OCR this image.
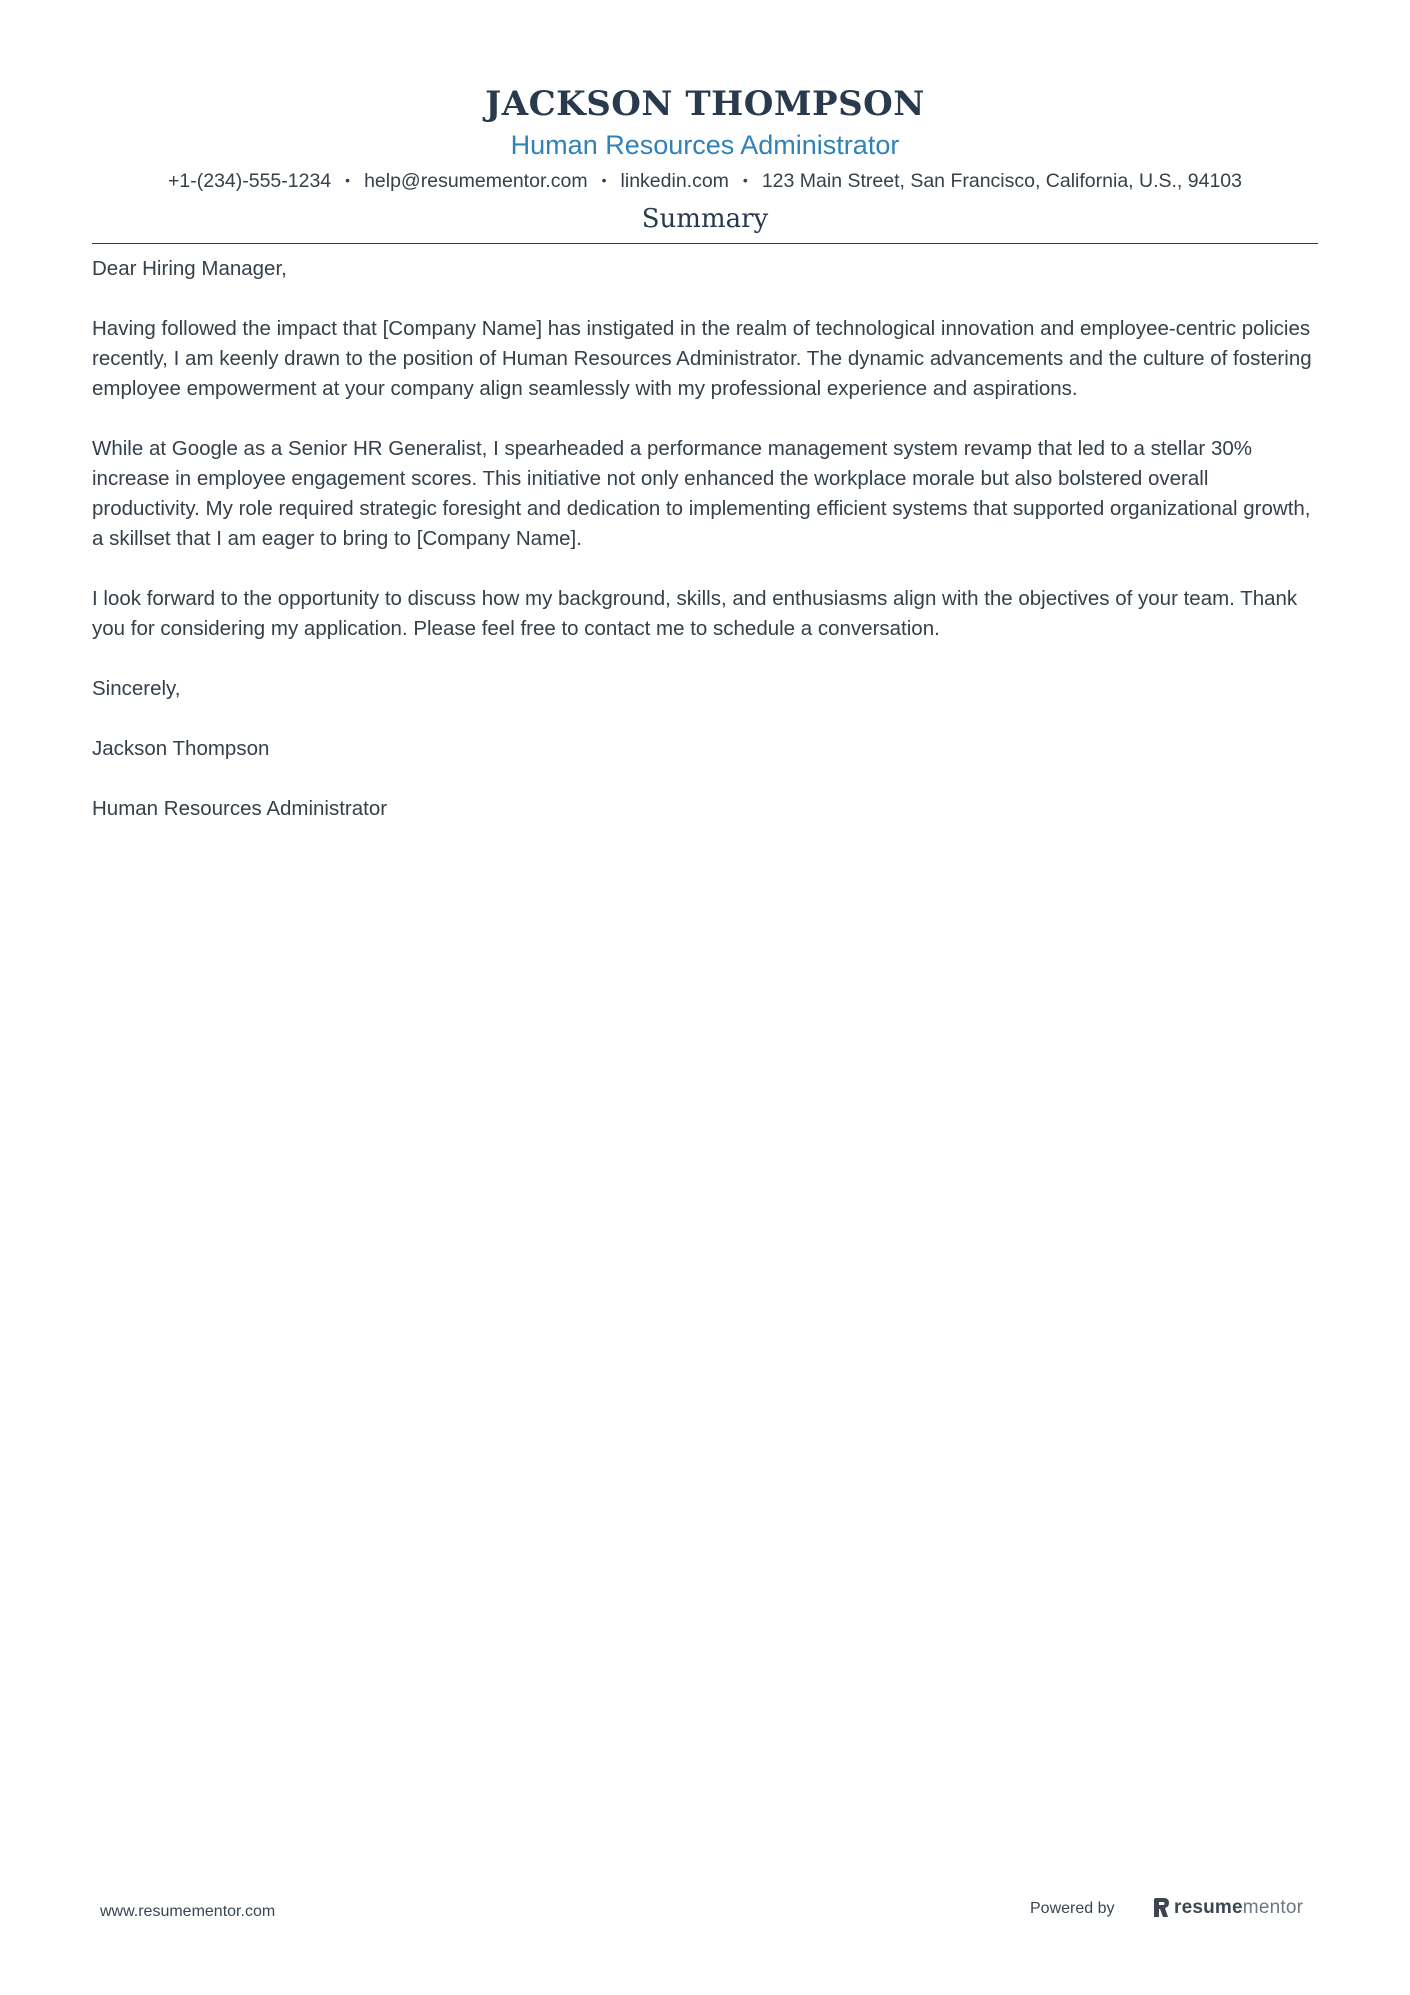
JACKSON THOMPSON
Human Resources Administrator
+1-(234)-555-1234 • help@resumementor.com • linkedin.com • 123 Main Street, San Francisco, California, U.S., 94103
Summary

Dear Hiring Manager,

Having followed the impact that [Company Name] has instigated in the realm of technological innovation and employee-centric policies recently, I am keenly drawn to the position of Human Resources Administrator. The dynamic advancements and the culture of fostering employee empowerment at your company align seamlessly with my professional experience and aspirations.

While at Google as a Senior HR Generalist, I spearheaded a performance management system revamp that led to a stellar 30% increase in employee engagement scores. This initiative not only enhanced the workplace morale but also bolstered overall productivity. My role required strategic foresight and dedication to implementing efficient systems that supported organizational growth, a skillset that I am eager to bring to [Company Name].

I look forward to the opportunity to discuss how my background, skills, and enthusiasms align with the objectives of your team. Thank you for considering my application. Please feel free to contact me to schedule a conversation.

Sincerely,

Jackson Thompson

Human Resources Administrator

www.resumementor.com	Powered by	resumementor
